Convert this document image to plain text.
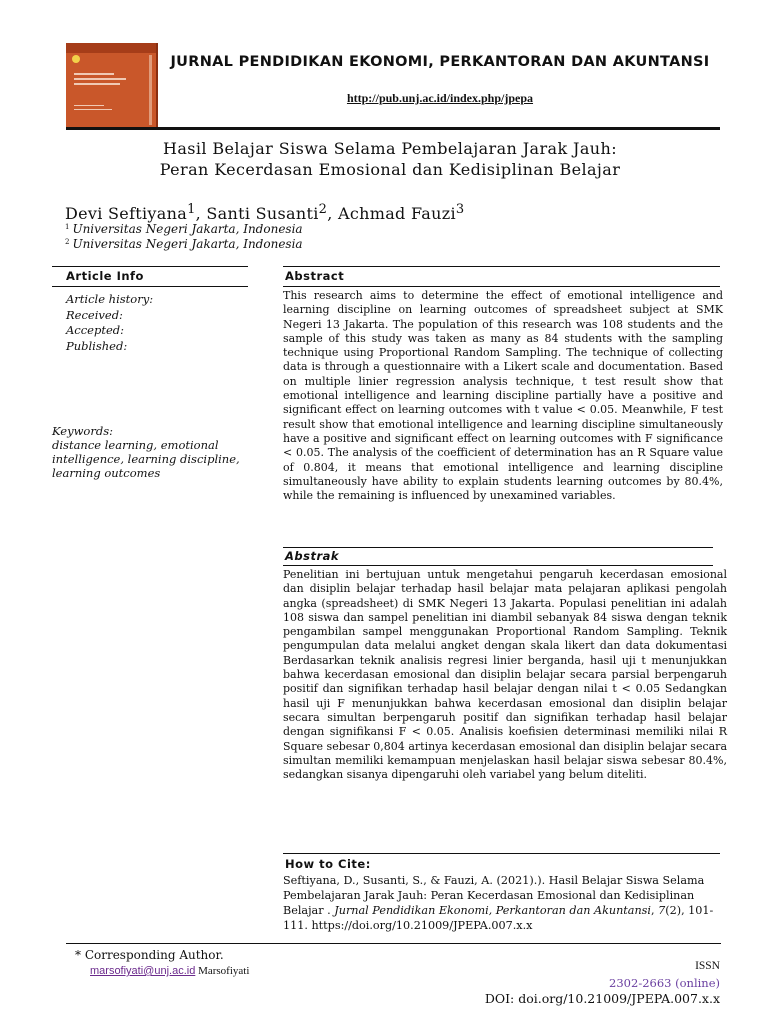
JURNAL PENDIDIKAN EKONOMI, PERKANTORAN DAN AKUNTANSI
http://pub.unj.ac.id/index.php/jpepa
Hasil Belajar Siswa Selama Pembelajaran Jarak Jauh:
Peran Kecerdasan Emosional dan Kedisiplinan Belajar
Devi Seftiyana$^1$, Santi Susanti$^2$, Achmad Fauzi$^3$
$^1$ Universitas Negeri Jakarta, Indonesia
$^2$ Universitas Negeri Jakarta, Indonesia
Article Info
Article history:
Received:
Accepted:
Published:
Keywords:
distance learning, emotional intelligence, learning discipline, learning outcomes
Abstract
This research aims to determine the effect of emotional intelligence and learning discipline on learning outcomes of spreadsheet subject at SMK Negeri 13 Jakarta. The population of this research was 108 students and the sample of this study was taken as many as 84 students with the sampling technique using Proportional Random Sampling. The technique of collecting data is through a questionnaire with a Likert scale and documentation. Based on multiple linier regression analysis technique, t test result show that emotional intelligence and learning discipline partially have a positive and significant effect on learning outcomes with t value < 0.05. Meanwhile, F test result show that emotional intelligence and learning discipline simultaneously have a positive and significant effect on learning outcomes with F significance < 0.05. The analysis of the coefficient of determination has an R Square value of 0.804, it means that emotional intelligence and learning discipline simultaneously have ability to explain students learning outcomes by 80.4%, while the remaining is influenced by unexamined variables.
Abstrak
Penelitian ini bertujuan untuk mengetahui pengaruh kecerdasan emosional dan disiplin belajar terhadap hasil belajar mata pelajaran aplikasi pengolah angka (spreadsheet) di SMK Negeri 13 Jakarta. Populasi penelitian ini adalah 108 siswa dan sampel penelitian ini diambil sebanyak 84 siswa dengan teknik pengambilan sampel menggunakan Proportional Random Sampling. Teknik pengumpulan data melalui angket dengan skala likert dan data dokumentasi Berdasarkan teknik analisis regresi linier berganda, hasil uji t menunjukkan bahwa kecerdasan emosional dan disiplin belajar secara parsial berpengaruh positif dan signifikan terhadap hasil belajar dengan nilai t < 0.05 Sedangkan hasil uji F menunjukkan bahwa kecerdasan emosional dan disiplin belajar secara simultan berpengaruh positif dan signifikan terhadap hasil belajar dengan signifikansi F < 0.05. Analisis koefisien determinasi memiliki nilai R Square sebesar 0,804 artinya kecerdasan emosional dan disiplin belajar secara simultan memiliki kemampuan menjelaskan hasil belajar siswa sebesar 80.4%, sedangkan sisanya dipengaruhi oleh variabel yang belum diteliti.
How to Cite:
Seftiyana, D., Susanti, S., & Fauzi, A. (2021).). Hasil Belajar Siswa Selama Pembelajaran Jarak Jauh: Peran Kecerdasan Emosional dan Kedisiplinan Belajar . Jurnal Pendidikan Ekonomi, Perkantoran dan Akuntansi, 7(2), 101-111. https://doi.org/10.21009/JPEPA.007.x.x
* Corresponding Author.
marsofiyati@unj.ac.id Marsofiyati	ISSN
2302-2663 (online)
DOI: doi.org/10.21009/JPEPA.007.x.x
